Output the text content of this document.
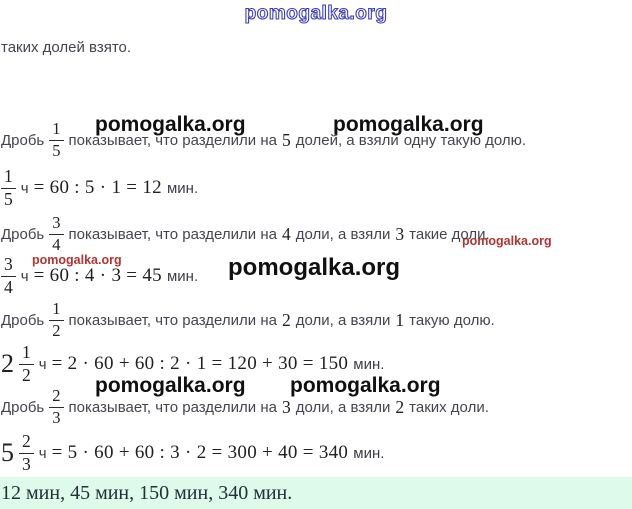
pomogalka.org
pomogalka.org	pomogalka.org
pomogalka.org
pomogalka.org	pomogalka.org
pomogalka.org pomogalka.org
таких долей взято.
Дробь $\frac{1}{5}$ показывает, что разделили на 5 долей, а взяли одну такую долю.
$\frac{1}{5}$ ч = 60 : 5 · 1 = 12 мин.
Дробь $\frac{3}{4}$ показывает, что разделили на 4 доли, а взяли 3 такие доли.
$\frac{3}{4}$ ч = 60 : 4 · 3 = 45 мин.
Дробь $\frac{1}{2}$ показывает, что разделили на 2 доли, а взяли 1 такую долю.
$2 \frac{1}{2}$ ч = 2 · 60 + 60 : 2 · 1 = 120 + 30 = 150 мин.
Дробь $\frac{2}{3}$ показывает, что разделили на 3 доли, а взяли 2 таких доли.
$5 \frac{2}{3}$ ч = 5 · 60 + 60 : 3 · 2 = 300 + 40 = 340 мин.
12 мин, 45 мин, 150 мин, 340 мин.
